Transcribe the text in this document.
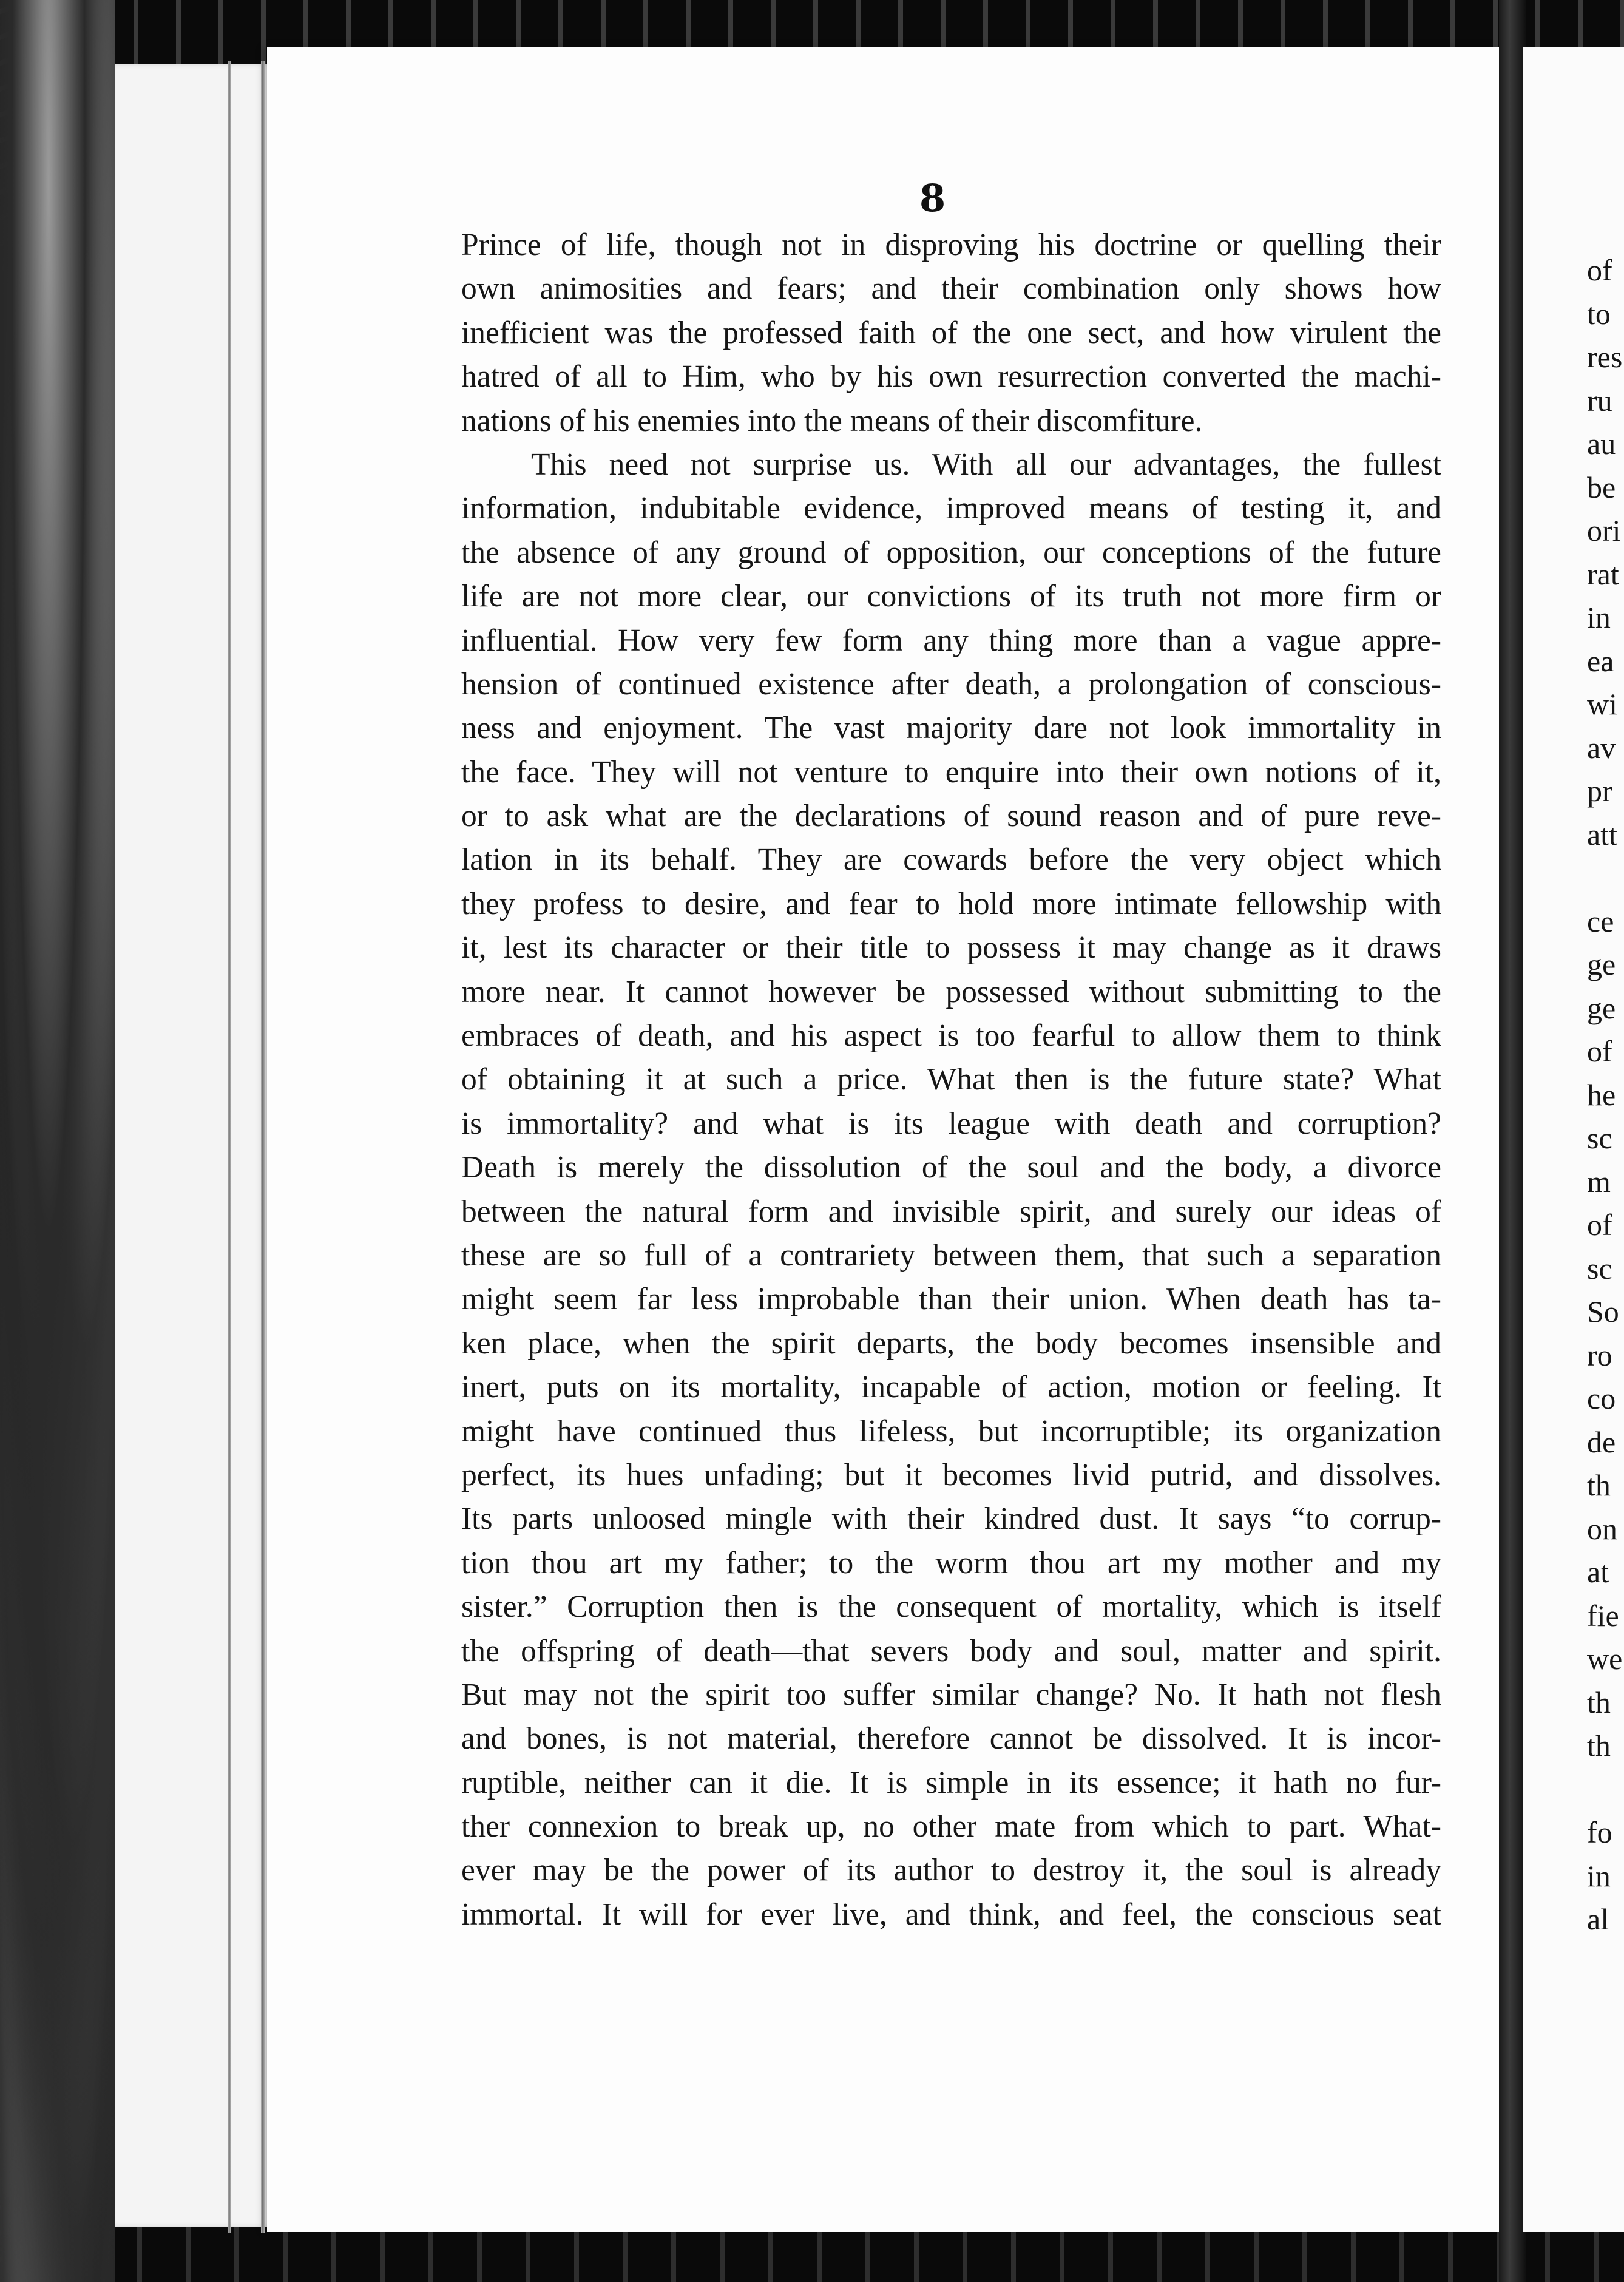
8
Prince of life, though not in disproving his doctrine or quelling their
own animosities and fears; and their combination only shows how
inefficient was the professed faith of the one sect, and how virulent the
hatred of all to Him, who by his own resurrection converted the machi-
nations of his enemies into the means of their discomfiture.
This need not surprise us. With all our advantages, the fullest
information, indubitable evidence, improved means of testing it, and
the absence of any ground of opposition, our conceptions of the future
life are not more clear, our convictions of its truth not more firm or
influential. How very few form any thing more than a vague appre-
hension of continued existence after death, a prolongation of conscious-
ness and enjoyment. The vast majority dare not look immortality in
the face. They will not venture to enquire into their own notions of it,
or to ask what are the declarations of sound reason and of pure reve-
lation in its behalf. They are cowards before the very object which
they profess to desire, and fear to hold more intimate fellowship with
it, lest its character or their title to possess it may change as it draws
more near. It cannot however be possessed without submitting to the
embraces of death, and his aspect is too fearful to allow them to think
of obtaining it at such a price. What then is the future state? What
is immortality? and what is its league with death and corruption?
Death is merely the dissolution of the soul and the body, a divorce
between the natural form and invisible spirit, and surely our ideas of
these are so full of a contrariety between them, that such a separation
might seem far less improbable than their union. When death has ta-
ken place, when the spirit departs, the body becomes insensible and
inert, puts on its mortality, incapable of action, motion or feeling. It
might have continued thus lifeless, but incorruptible; its organization
perfect, its hues unfading; but it becomes livid putrid, and dissolves.
Its parts unloosed mingle with their kindred dust. It says “to corrup-
tion thou art my father; to the worm thou art my mother and my
sister.” Corruption then is the consequent of mortality, which is itself
the offspring of death—that severs body and soul, matter and spirit.
But may not the spirit too suffer similar change? No. It hath not flesh
and bones, is not material, therefore cannot be dissolved. It is incor-
ruptible, neither can it die. It is simple in its essence; it hath no fur-
ther connexion to break up, no other mate from which to part. What-
ever may be the power of its author to destroy it, the soul is already
immortal. It will for ever live, and think, and feel, the conscious seat
of
to
res
ru
au
be
ori
rat
in
ea
wi
av
pr
att
ce
ge
ge
of
he
sc
m
of
sc
So
ro
co
de
th
on
at
fie
we
th
th
fo
in
al
